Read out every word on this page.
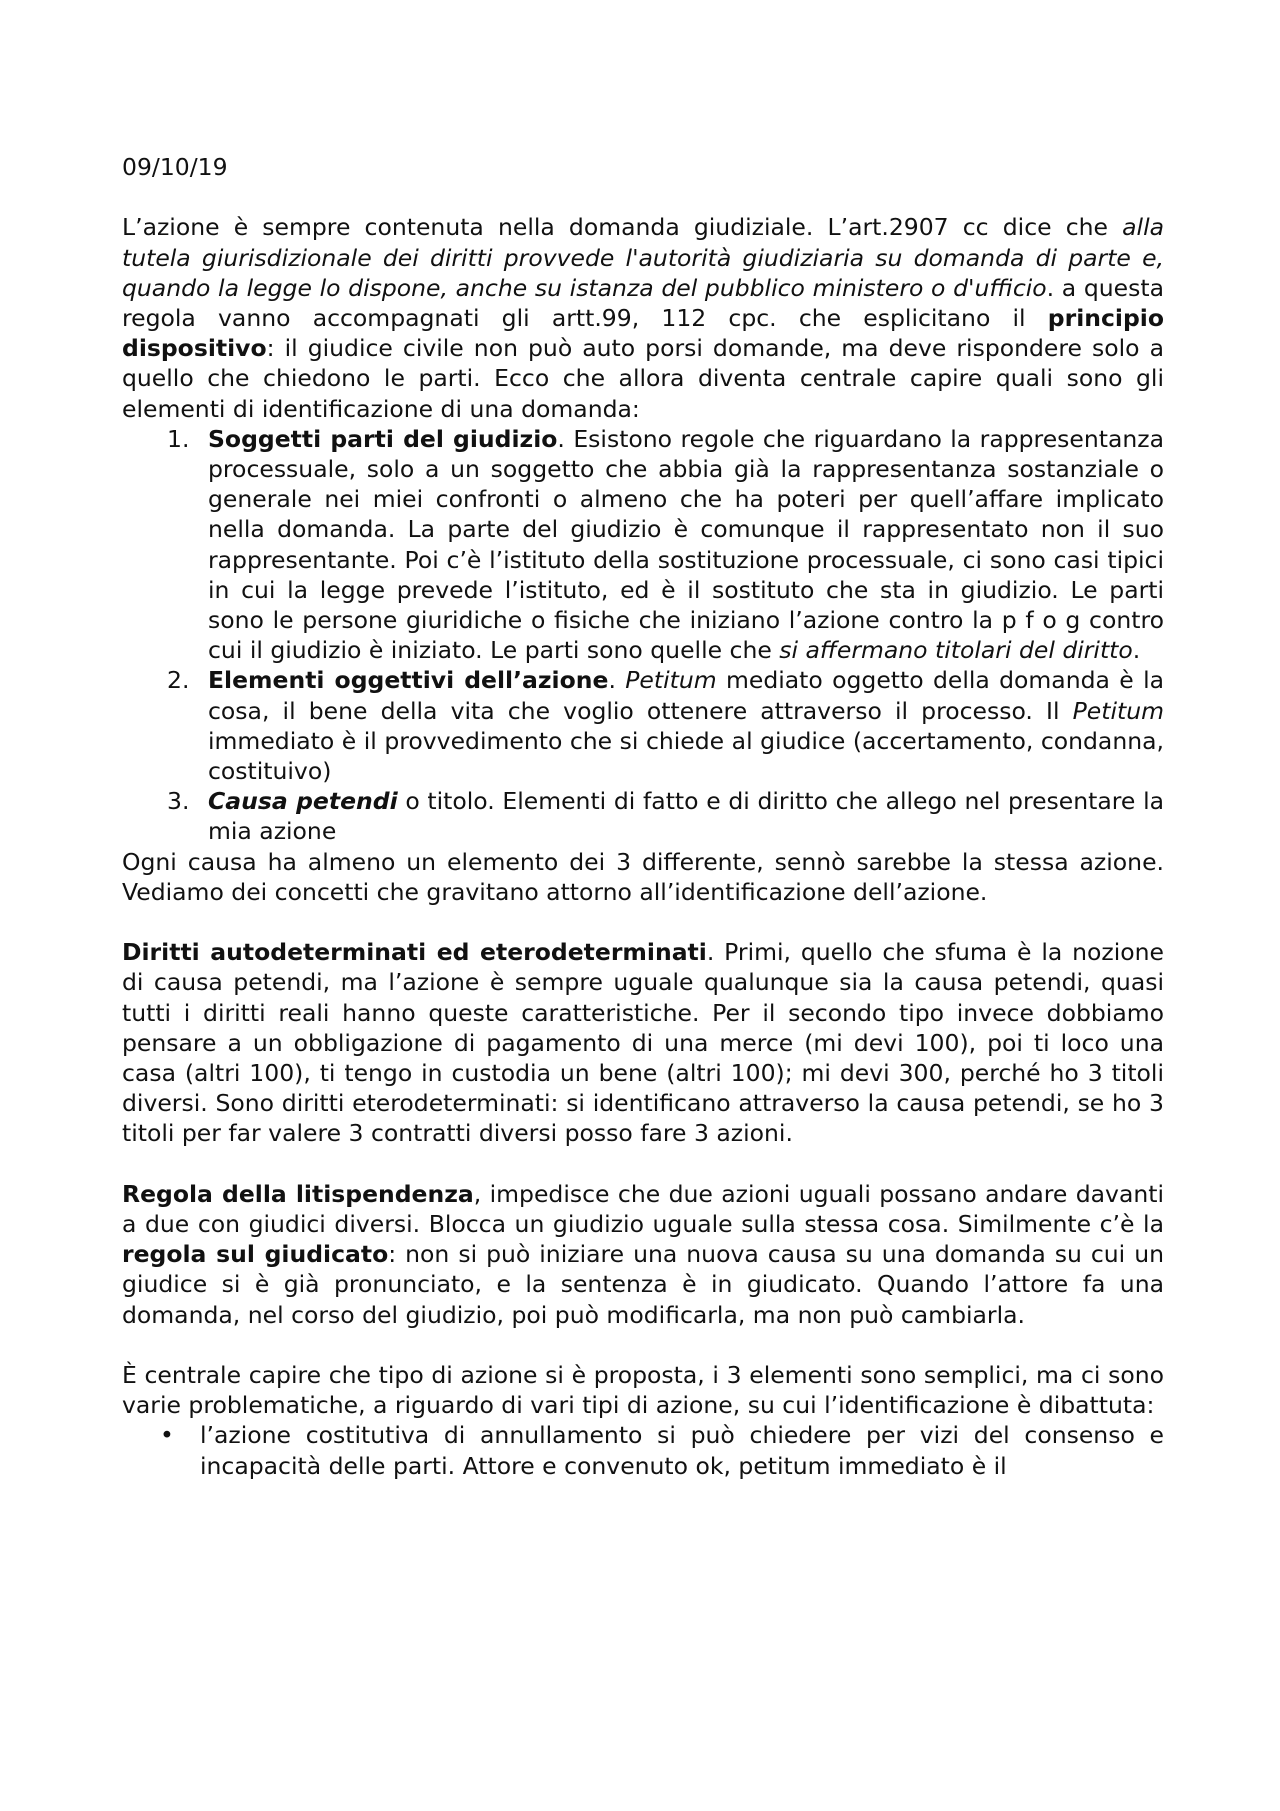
09/10/19

L’azione è sempre contenuta nella domanda giudiziale. L’art.2907 cc dice che alla tutela giurisdizionale dei diritti provvede l'autorità giudiziaria su domanda di parte e, quando la legge lo dispone, anche su istanza del pubblico ministero o d'ufficio. a questa regola vanno accompagnati gli artt.99, 112 cpc. che esplicitano il principio dispositivo: il giudice civile non può auto porsi domande, ma deve rispondere solo a quello che chiedono le parti. Ecco che allora diventa centrale capire quali sono gli elementi di identificazione di una domanda:

1. Soggetti parti del giudizio. Esistono regole che riguardano la rappresentanza processuale, solo a un soggetto che abbia già la rappresentanza sostanziale o generale nei miei confronti o almeno che ha poteri per quell’affare implicato nella domanda. La parte del giudizio è comunque il rappresentato non il suo rappresentante. Poi c’è l’istituto della sostituzione processuale, ci sono casi tipici in cui la legge prevede l’istituto, ed è il sostituto che sta in giudizio. Le parti sono le persone giuridiche o fisiche che iniziano l’azione contro la p f o g contro cui il giudizio è iniziato. Le parti sono quelle che si affermano titolari del diritto.
2. Elementi oggettivi dell’azione. Petitum mediato oggetto della domanda è la cosa, il bene della vita che voglio ottenere attraverso il processo. Il Petitum immediato è il provvedimento che si chiede al giudice (accertamento, condanna, costituivo)
3. Causa petendi o titolo. Elementi di fatto e di diritto che allego nel presentare la mia azione

Ogni causa ha almeno un elemento dei 3 differente, sennò sarebbe la stessa azione. Vediamo dei concetti che gravitano attorno all’identificazione dell’azione.

Diritti autodeterminati ed eterodeterminati. Primi, quello che sfuma è la nozione di causa petendi, ma l’azione è sempre uguale qualunque sia la causa petendi, quasi tutti i diritti reali hanno queste caratteristiche. Per il secondo tipo invece dobbiamo pensare a un obbligazione di pagamento di una merce (mi devi 100), poi ti loco una casa (altri 100), ti tengo in custodia un bene (altri 100); mi devi 300, perché ho 3 titoli diversi. Sono diritti eterodeterminati: si identificano attraverso la causa petendi, se ho 3 titoli per far valere 3 contratti diversi posso fare 3 azioni.

Regola della litispendenza, impedisce che due azioni uguali possano andare davanti a due con giudici diversi. Blocca un giudizio uguale sulla stessa cosa. Similmente c’è la regola sul giudicato: non si può iniziare una nuova causa su una domanda su cui un giudice si è già pronunciato, e la sentenza è in giudicato. Quando l’attore fa una domanda, nel corso del giudizio, poi può modificarla, ma non può cambiarla.

È centrale capire che tipo di azione si è proposta, i 3 elementi sono semplici, ma ci sono varie problematiche, a riguardo di vari tipi di azione, su cui l’identificazione è dibattuta:

• l’azione costitutiva di annullamento si può chiedere per vizi del consenso e incapacità delle parti. Attore e convenuto ok, petitum immediato è il
